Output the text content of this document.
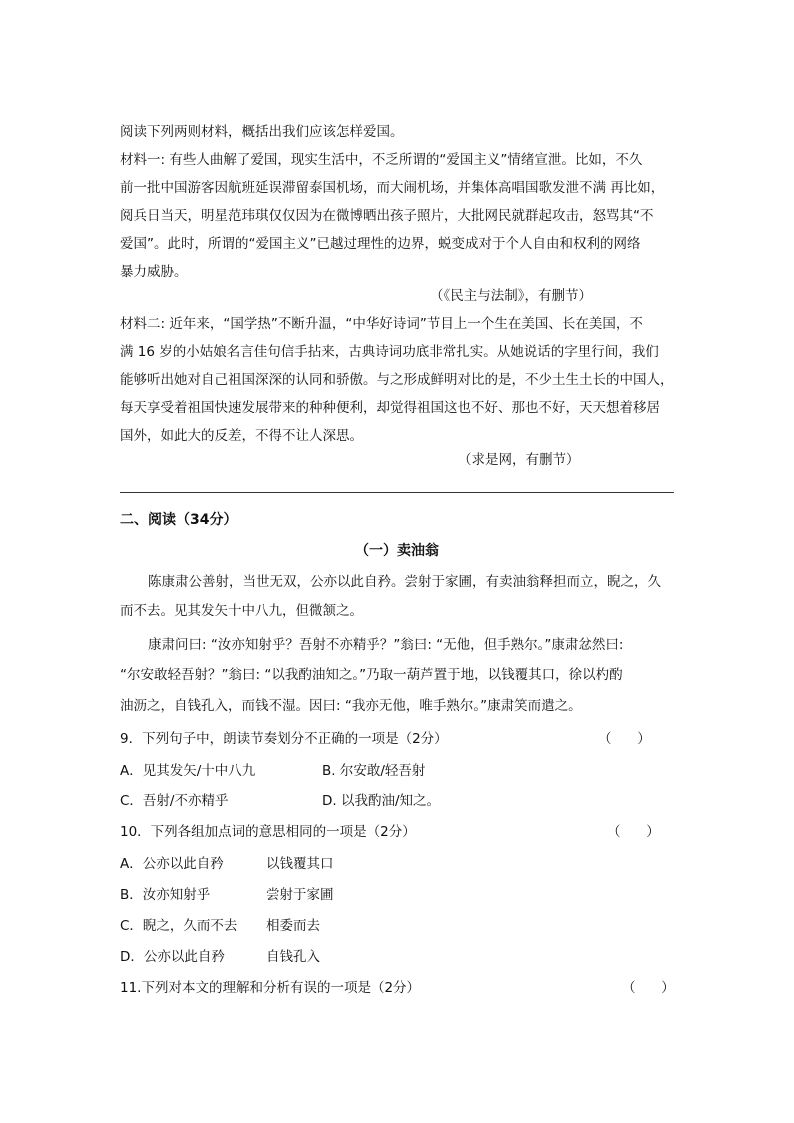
阅读下列两则材料，概括出我们应该怎样爱国。
材料一: 有些人曲解了爱国，现实生活中，不乏所谓的“爱国主义”情绪宣泄。比如，不久
前一批中国游客因航班延误滞留泰国机场，而大闹机场，并集体高唱国歌发泄不满 再比如，
阅兵日当天，明星范玮琪仅仅因为在微博晒出孩子照片，大批网民就群起攻击，怒骂其“不
爱国”。此时，所谓的“爱国主义”已越过理性的边界，蜕变成对于个人自由和权利的网络
暴力威胁。
（《民主与法制》，有删节）
材料二: 近年来，“国学热”不断升温，“中华好诗词”节目上一个生在美国、长在美国，不
满 16 岁的小姑娘名言佳句信手拈来，古典诗词功底非常扎实。从她说话的字里行间，我们
能够听出她对自己祖国深深的认同和骄傲。与之形成鲜明对比的是，不少土生土长的中国人，
每天享受着祖国快速发展带来的种种便利，却觉得祖国这也不好、那也不好，天天想着移居
国外，如此大的反差，不得不让人深思。
（求是网，有删节）
二、阅读（34分）
（一）卖油翁
陈康肃公善射，当世无双，公亦以此自矜。尝射于家圃，有卖油翁释担而立，睨之，久
而不去。见其发矢十中八九，但微颔之。
康肃问曰: “汝亦知射乎？吾射不亦精乎？”翁曰: “无他，但手熟尔。”康肃忿然曰:
“尔安敢轻吾射？”翁曰: “以我酌油知之。”乃取一葫芦置于地，以钱覆其口，徐以杓酌
油沥之，自钱孔入，而钱不湿。因曰: “我亦无他，唯手熟尔。”康肃笑而遣之。
9．下列句子中，朗读节奏划分不正确的一项是（2分）	（      ）
A．见其发矢/十中八九	B. 尔安敢/轻吾射
C．吾射/不亦精乎	D. 以我酌油/知之。
10．下列各组加点词的意思相同的一项是（2分）	（      ）
A．公亦以此自矜	以钱覆其口
B．汝亦知射乎	尝射于家圃
C．睨之，久而不去	相委而去
D．公亦以此自矜	自钱孔入
11.下列对本文的理解和分析有误的一项是（2分）	（      ）
